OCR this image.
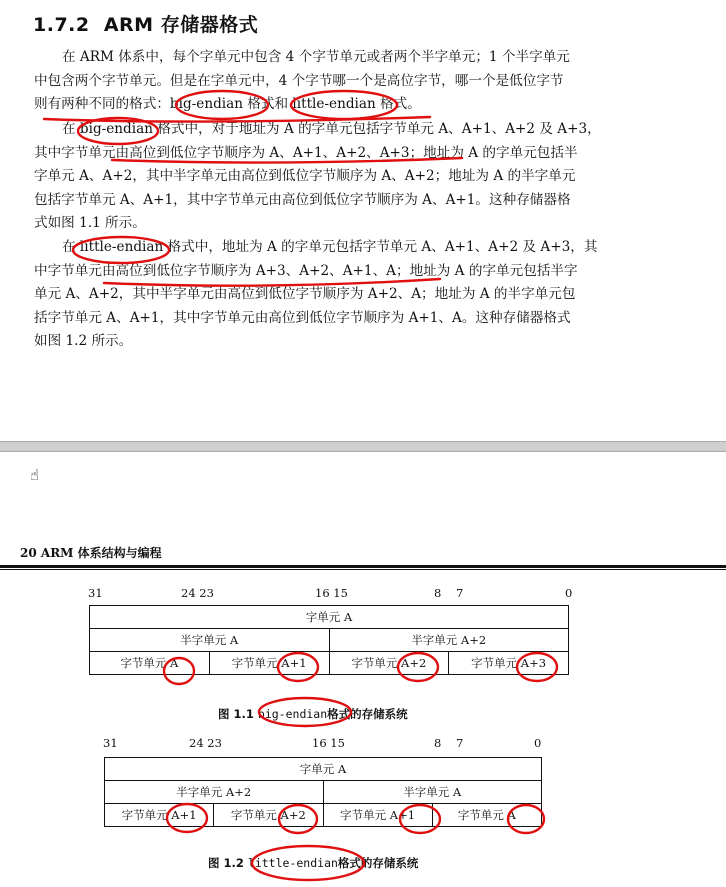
1.7.2 ARM 存储器格式
在 ARM 体系中，每个字单元中包含 4 个字节单元或者两个半字单元；1 个半字单元
中包含两个字节单元。但是在字单元中，4 个字节哪一个是高位字节，哪一个是低位字节
则有两种不同的格式：big-endian 格式和 little-endian 格式。
在 big-endian 格式中，对于地址为 A 的字单元包括字节单元 A、A+1、A+2 及 A+3，
其中字节单元由高位到低位字节顺序为 A、A+1、A+2、A+3；地址为 A 的字单元包括半
字单元 A、A+2，其中半字单元由高位到低位字节顺序为 A、A+2；地址为 A 的半字单元
包括字节单元 A、A+1，其中字节单元由高位到低位字节顺序为 A、A+1。这种存储器格
式如图 1.1 所示。
在 little-endian 格式中，地址为 A 的字单元包括字节单元 A、A+1、A+2 及 A+3，其
中字节单元由高位到低位字节顺序为 A+3、A+2、A+1、A；地址为 A 的字单元包括半字
单元 A、A+2，其中半字单元由高位到低位字节顺序为 A+2、A；地址为 A 的半字单元包
括字节单元 A、A+1，其中字节单元由高位到低位字节顺序为 A+1、A。这种存储器格式
如图 1.2 所示。
☝
20 ARM 体系结构与编程
31	24 23	16 15	8 7	0
字单元 A			
半字单元 A		半字单元 A+2	
字节单元 A	字节单元 A+1	字节单元 A+2	字节单元 A+3
图 1.1 big-endian格式的存储系统
31	24 23	16 15	8 7	0
字单元 A			
半字单元 A+2		半字单元 A	
字节单元 A+1	字节单元 A+2	字节单元 A+1	字节单元 A
图 1.2 little-endian格式的存储系统
